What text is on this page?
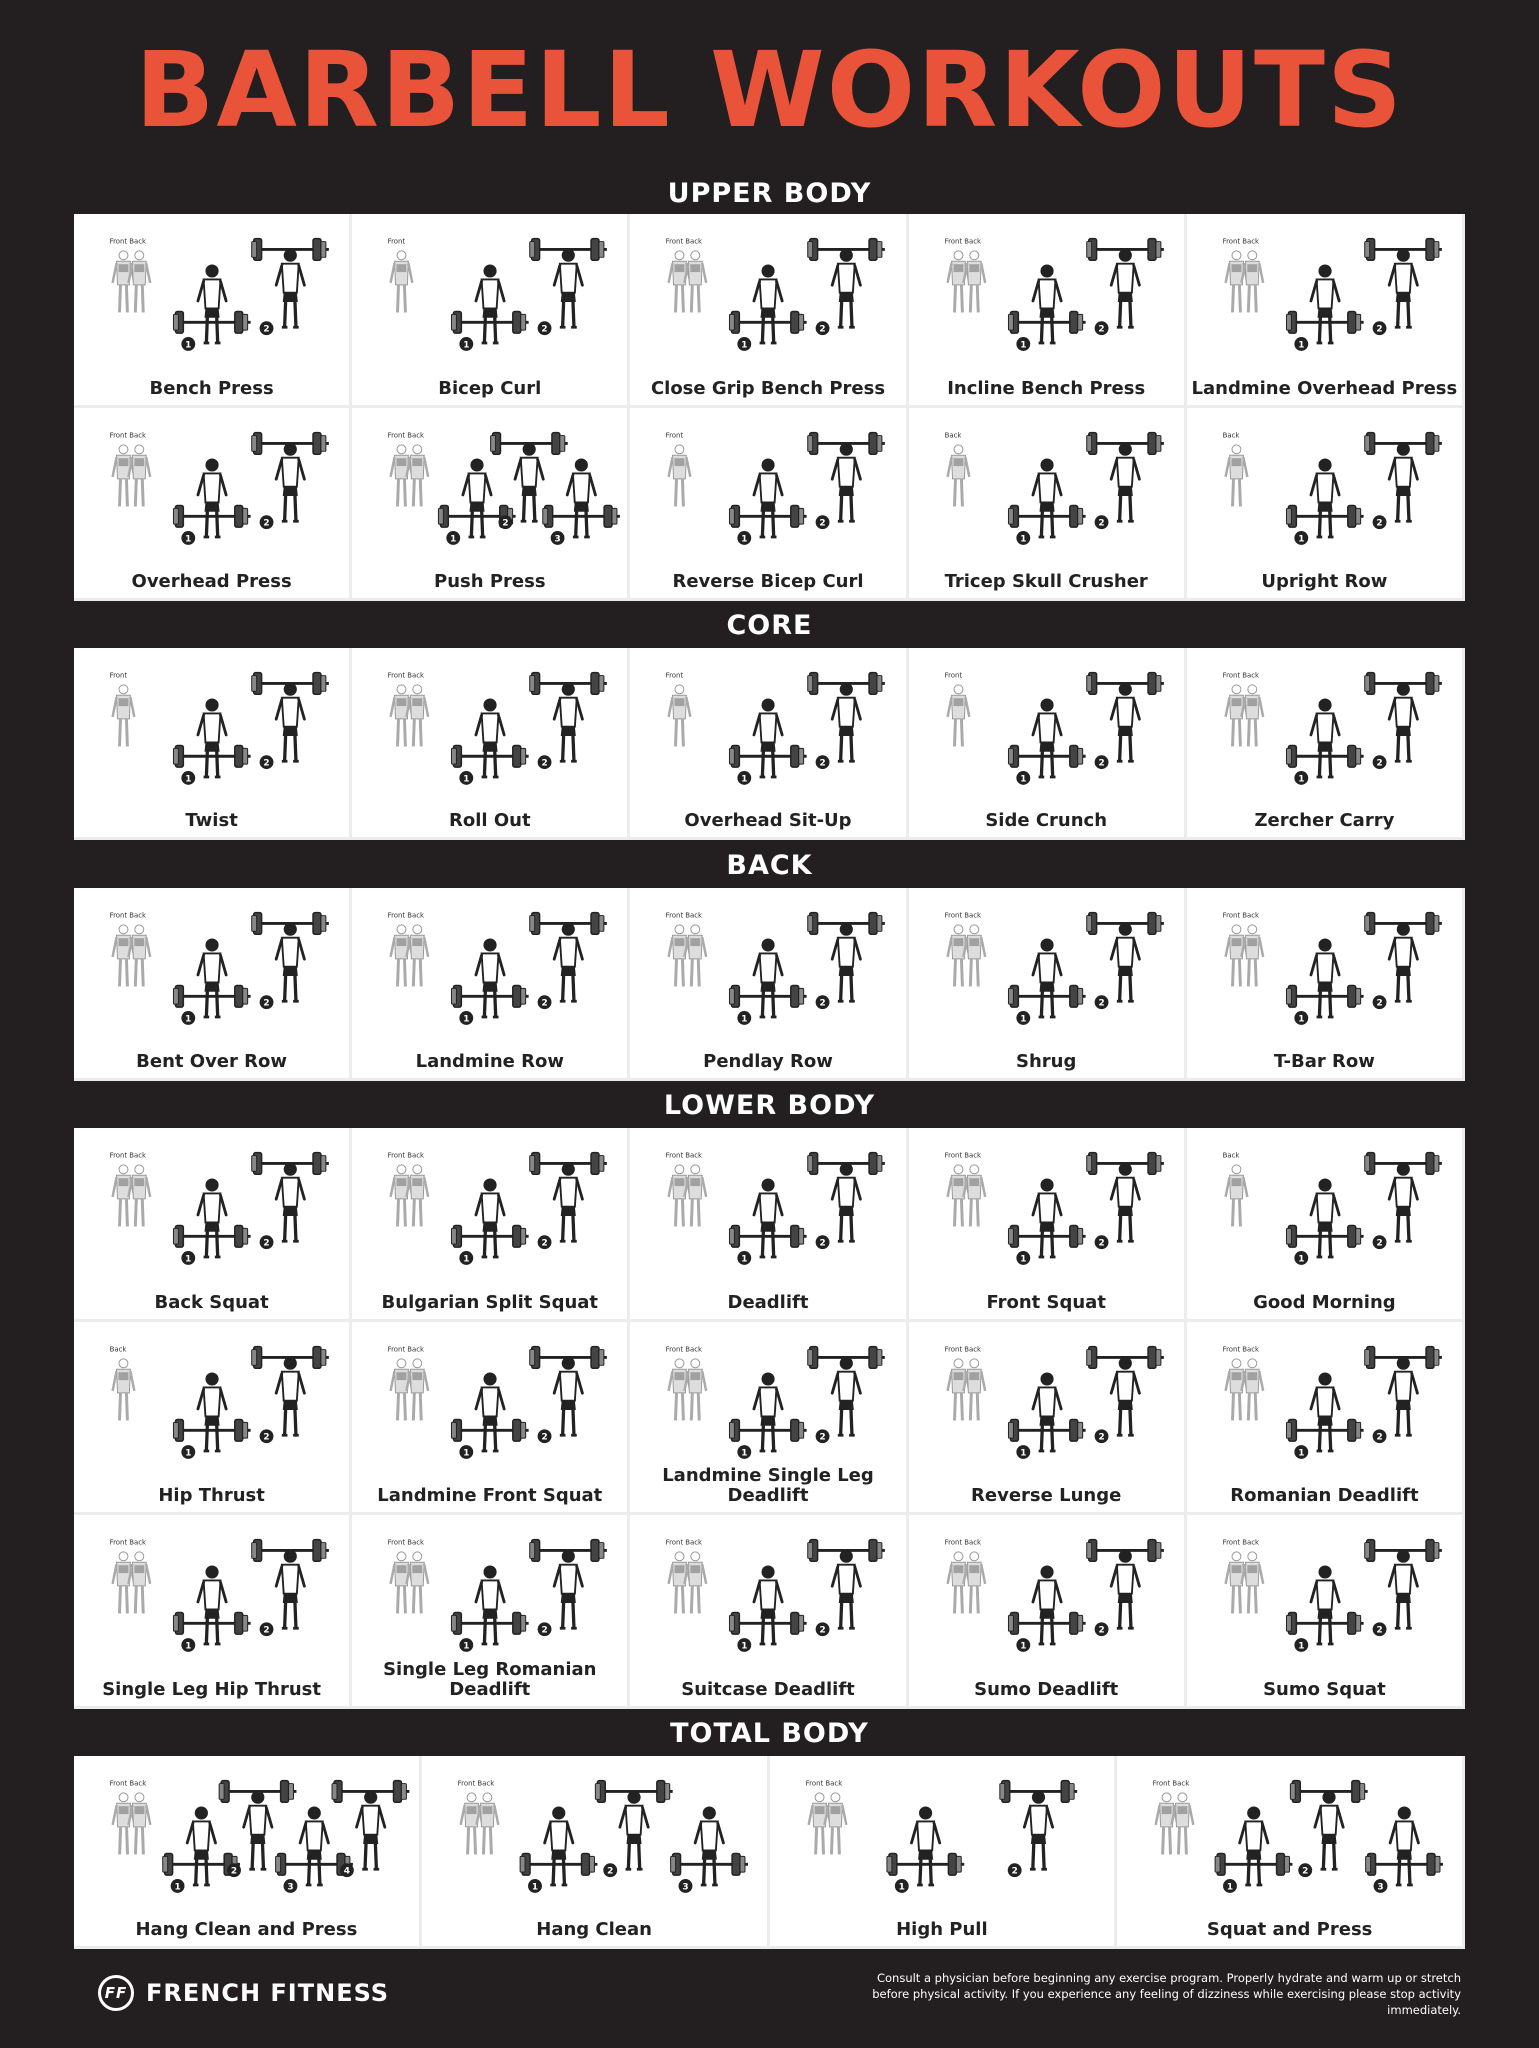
BARBELL WORKOUTS
UPPER BODY
Front Back
1
2
Bench Press
Front
1
2
Bicep Curl
Front Back
1
2
Close Grip Bench Press
Front Back
1
2
Incline Bench Press
Front Back
1
2
Landmine Overhead Press
Front Back
1
2
Overhead Press
Front Back
1
2
3
Push Press
Front
1
2
Reverse Bicep Curl
Back
1
2
Tricep Skull Crusher
Back
1
2
Upright Row
CORE
Front
1
2
Twist
Front Back
1
2
Roll Out
Front
1
2
Overhead Sit-Up
Front
1
2
Side Crunch
Front Back
1
2
Zercher Carry
BACK
Front Back
1
2
Bent Over Row
Front Back
1
2
Landmine Row
Front Back
1
2
Pendlay Row
Front Back
1
2
Shrug
Front Back
1
2
T-Bar Row
LOWER BODY
Front Back
1
2
Back Squat
Front Back
1
2
Bulgarian Split Squat
Front Back
1
2
Deadlift
Front Back
1
2
Front Squat
Back
1
2
Good Morning
Back
1
2
Hip Thrust
Front Back
1
2
Landmine Front Squat
Front Back
1
2
Landmine Single Leg Deadlift
Front Back
1
2
Reverse Lunge
Front Back
1
2
Romanian Deadlift
Front Back
1
2
Single Leg Hip Thrust
Front Back
1
2
Single Leg Romanian Deadlift
Front Back
1
2
Suitcase Deadlift
Front Back
1
2
Sumo Deadlift
Front Back
1
2
Sumo Squat
TOTAL BODY
Front Back
1
2
3
4
Hang Clean and Press
Front Back
1
2
3
Hang Clean
Front Back
1
2
High Pull
Front Back
1
2
3
Squat and Press
FF FRENCH FITNESS
Consult a physician before beginning any exercise program. Properly hydrate and warm up or stretch before physical activity. If you experience any feeling of dizziness while exercising please stop activity immediately.
